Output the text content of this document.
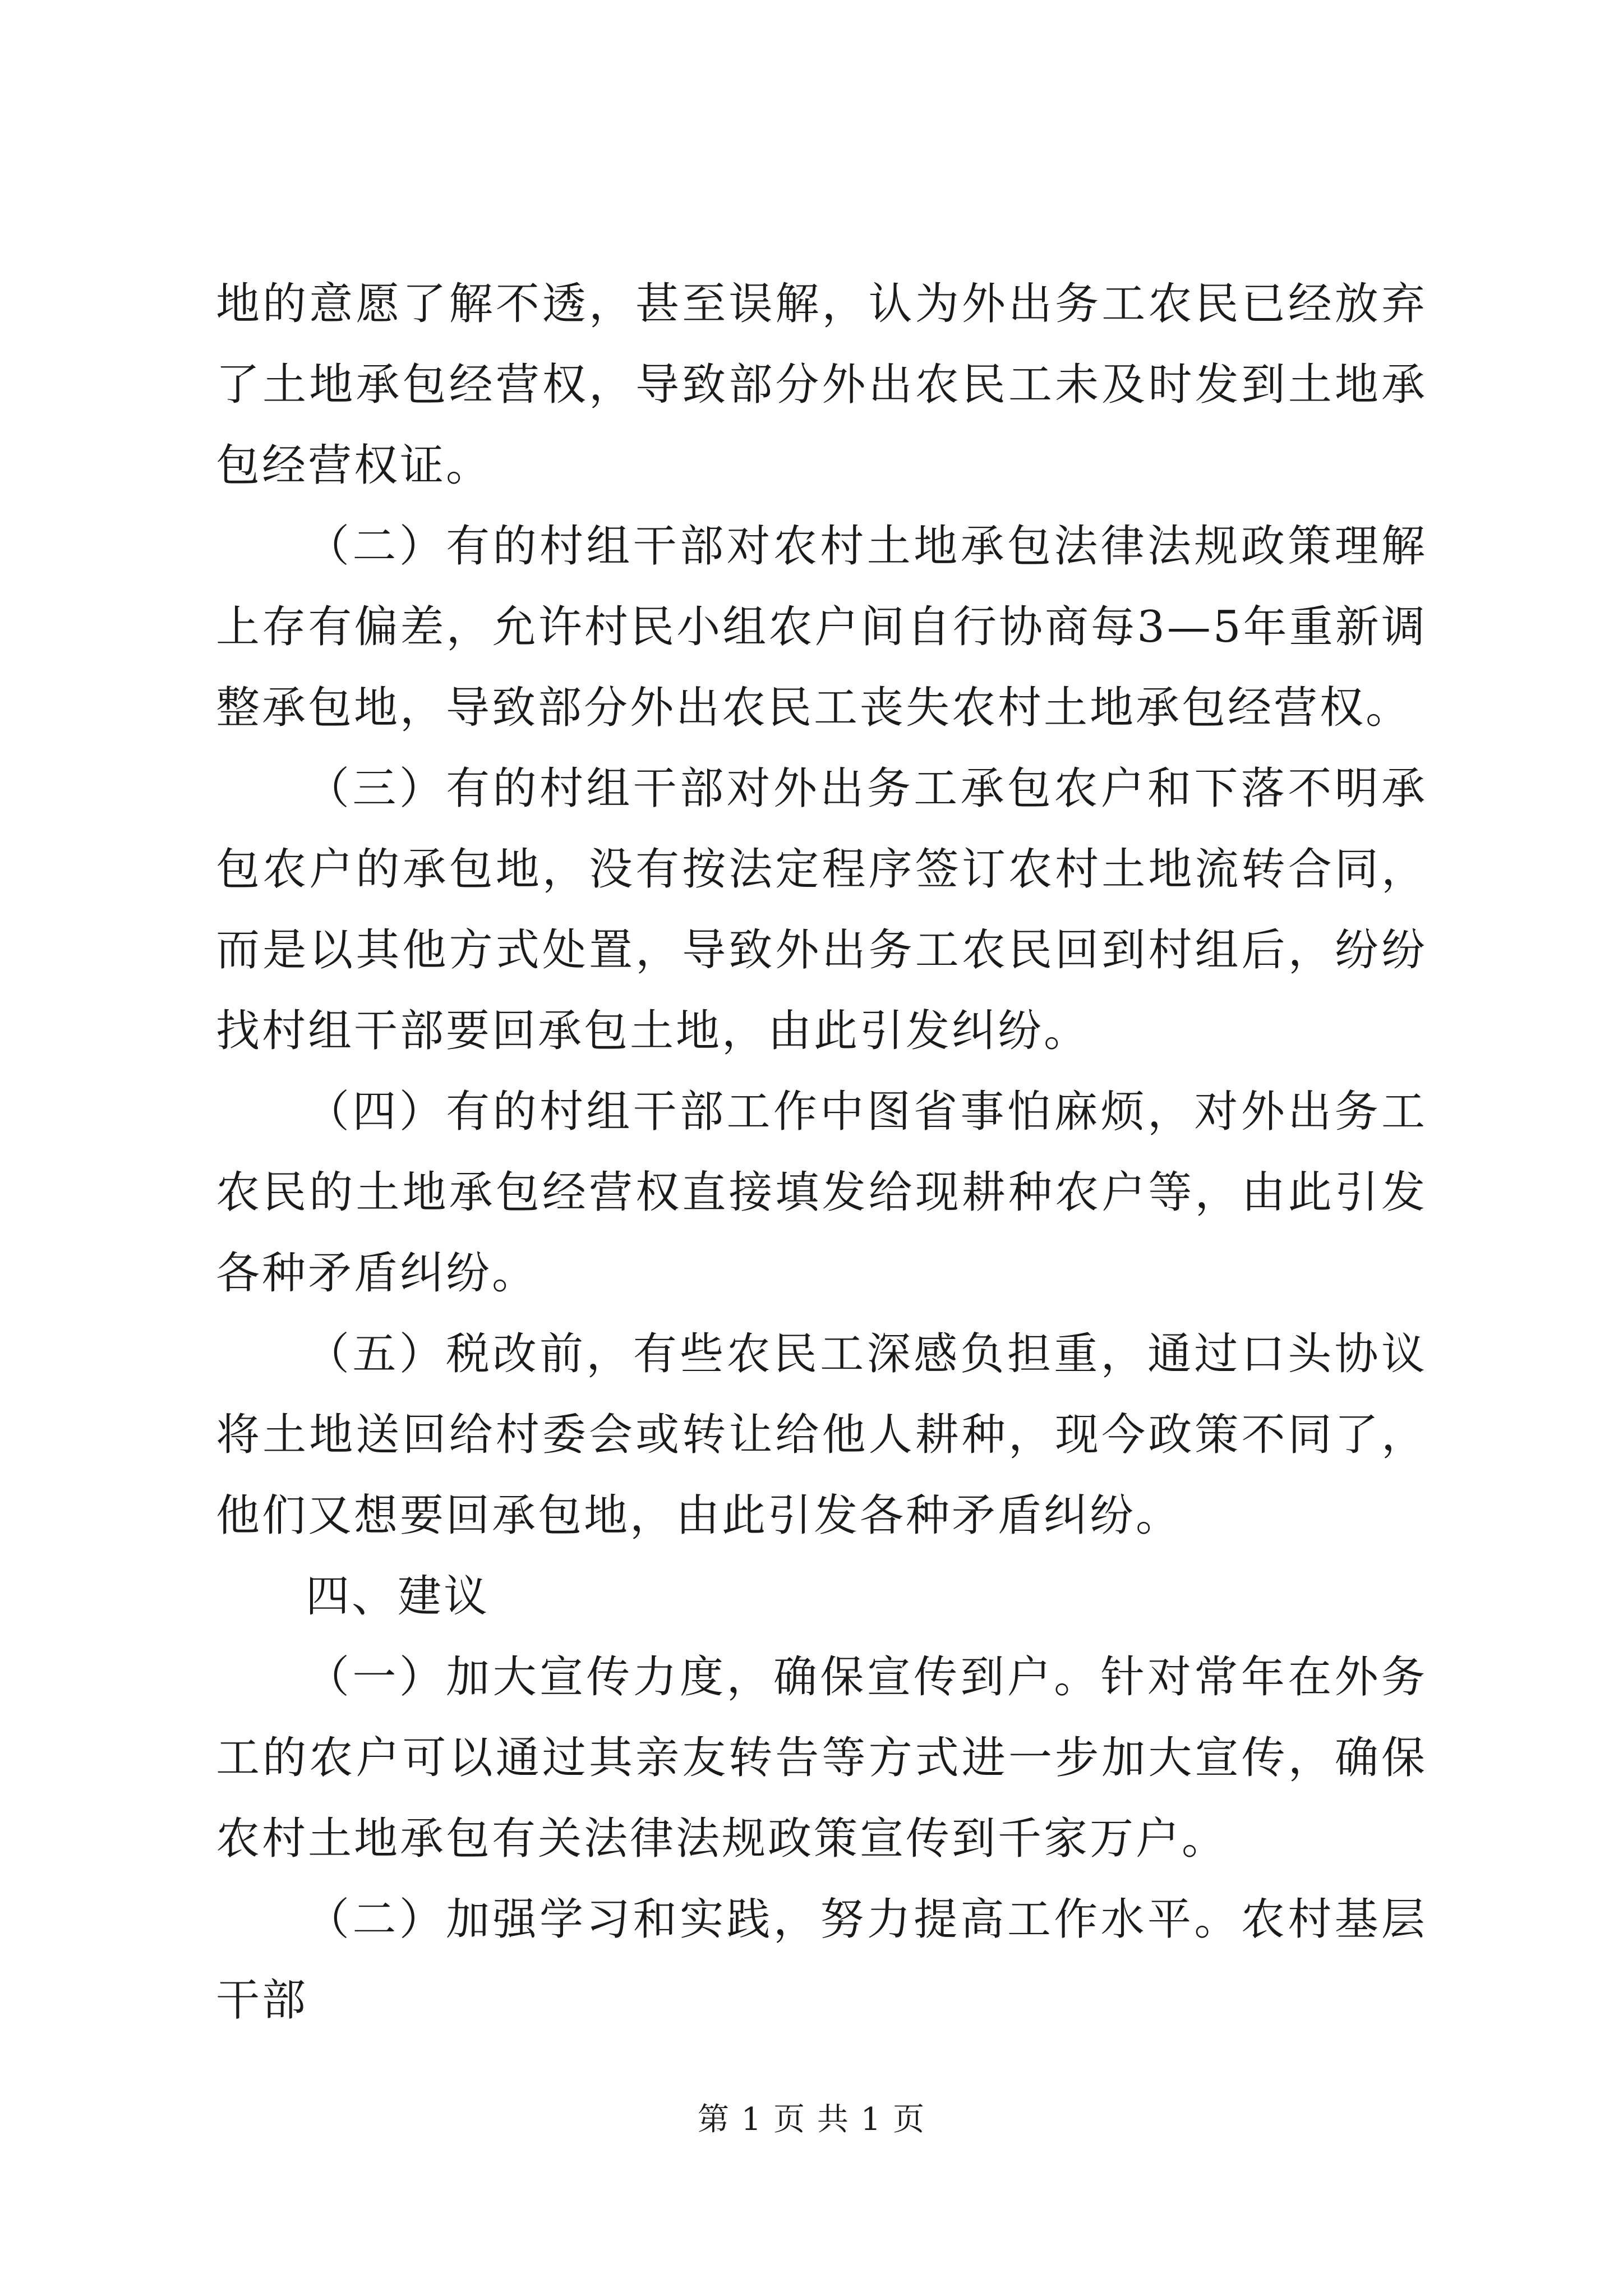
地的意愿了解不透，甚至误解，认为外出务工农民已经放弃了土地承包经营权，导致部分外出农民工未及时发到土地承包经营权证。

（二）有的村组干部对农村土地承包法律法规政策理解上存有偏差，允许村民小组农户间自行协商每3—5年重新调整承包地，导致部分外出农民工丧失农村土地承包经营权。

（三）有的村组干部对外出务工承包农户和下落不明承包农户的承包地，没有按法定程序签订农村土地流转合同，而是以其他方式处置，导致外出务工农民回到村组后，纷纷找村组干部要回承包土地，由此引发纠纷。

（四）有的村组干部工作中图省事怕麻烦，对外出务工农民的土地承包经营权直接填发给现耕种农户等，由此引发各种矛盾纠纷。

（五）税改前，有些农民工深感负担重，通过口头协议将土地送回给村委会或转让给他人耕种，现今政策不同了，他们又想要回承包地，由此引发各种矛盾纠纷。

四、建议

（一）加大宣传力度，确保宣传到户。针对常年在外务工的农户可以通过其亲友转告等方式进一步加大宣传，确保农村土地承包有关法律法规政策宣传到千家万户。

（二）加强学习和实践，努力提高工作水平。农村基层干部

第 1 页 共 1 页
